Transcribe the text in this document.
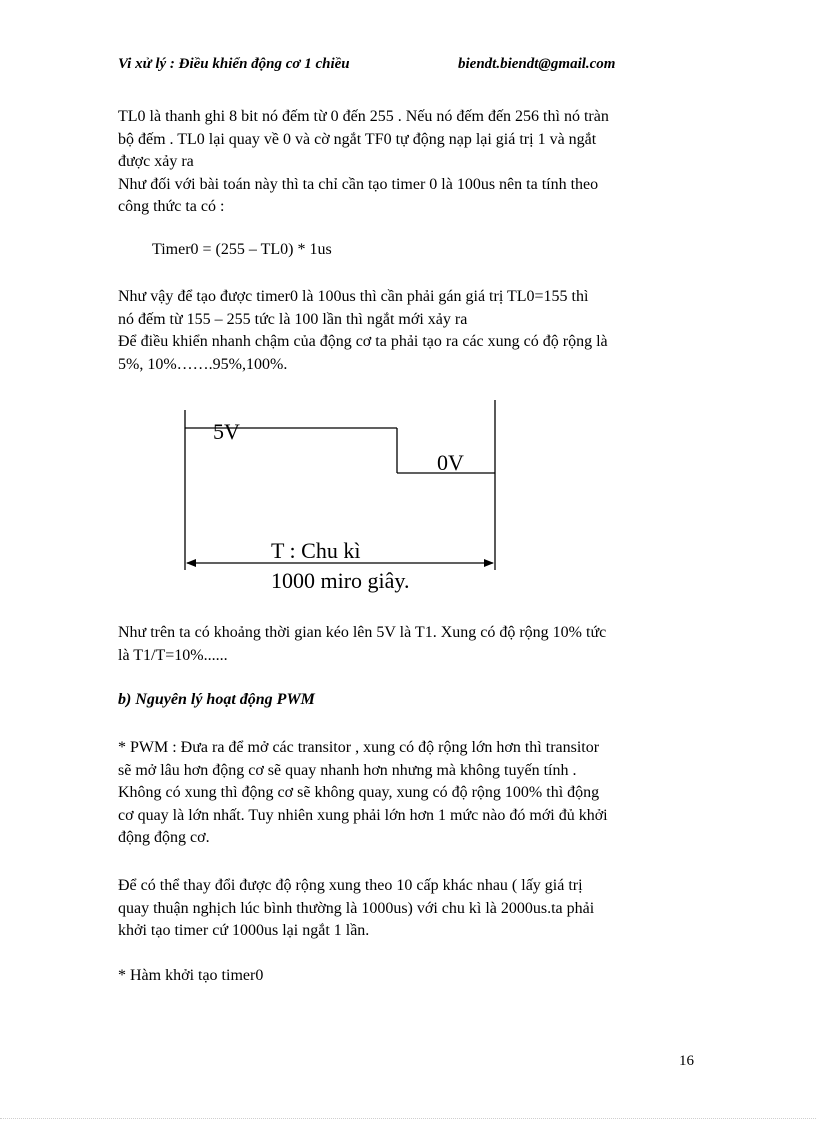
Vi xử lý : Điều khiển động cơ 1 chiều	biendt.biendt@gmail.com
TL0 là thanh ghi 8 bit nó đếm từ 0 đến 255 . Nếu nó đếm đến 256 thì nó tràn
bộ đếm . TL0 lại quay về 0 và cờ ngắt TF0 tự động nạp lại giá trị 1 và ngắt
được xảy ra
Như đối với bài toán này thì ta chỉ cần tạo timer 0 là 100us nên ta tính theo
công thức ta có :
Timer0 = (255 – TL0) * 1us
Như vậy để tạo được timer0 là 100us thì cần phải gán giá trị TL0=155 thì
nó đếm từ 155 – 255 tức là 100 lần thì ngắt mới xảy ra
Để điều khiển nhanh chậm của động cơ ta phải tạo ra các xung có độ rộng là
5%, 10%…….95%,100%.
5V
0V
T : Chu kì
1000 miro giây.
Như trên ta có khoảng thời gian kéo lên 5V là T1. Xung có độ rộng 10% tức
là T1/T=10%......
b) Nguyên lý hoạt động PWM
* PWM : Đưa ra để mở các transitor , xung có độ rộng lớn hơn thì transitor
sẽ mở lâu hơn động cơ sẽ quay nhanh hơn nhưng mà không tuyến tính .
Không có xung thì động cơ sẽ không quay, xung có độ rộng 100% thì động
cơ quay là lớn nhất. Tuy nhiên xung phải lớn hơn 1 mức nào đó mới đủ khởi
động động cơ.
Để có thể thay đổi được độ rộng xung theo 10 cấp khác nhau ( lấy giá trị
quay thuận nghịch lúc bình thường là 1000us) với chu kì là 2000us.ta phải
khởi tạo timer cứ 1000us lại ngắt 1 lần.
* Hàm khởi tạo timer0
16
